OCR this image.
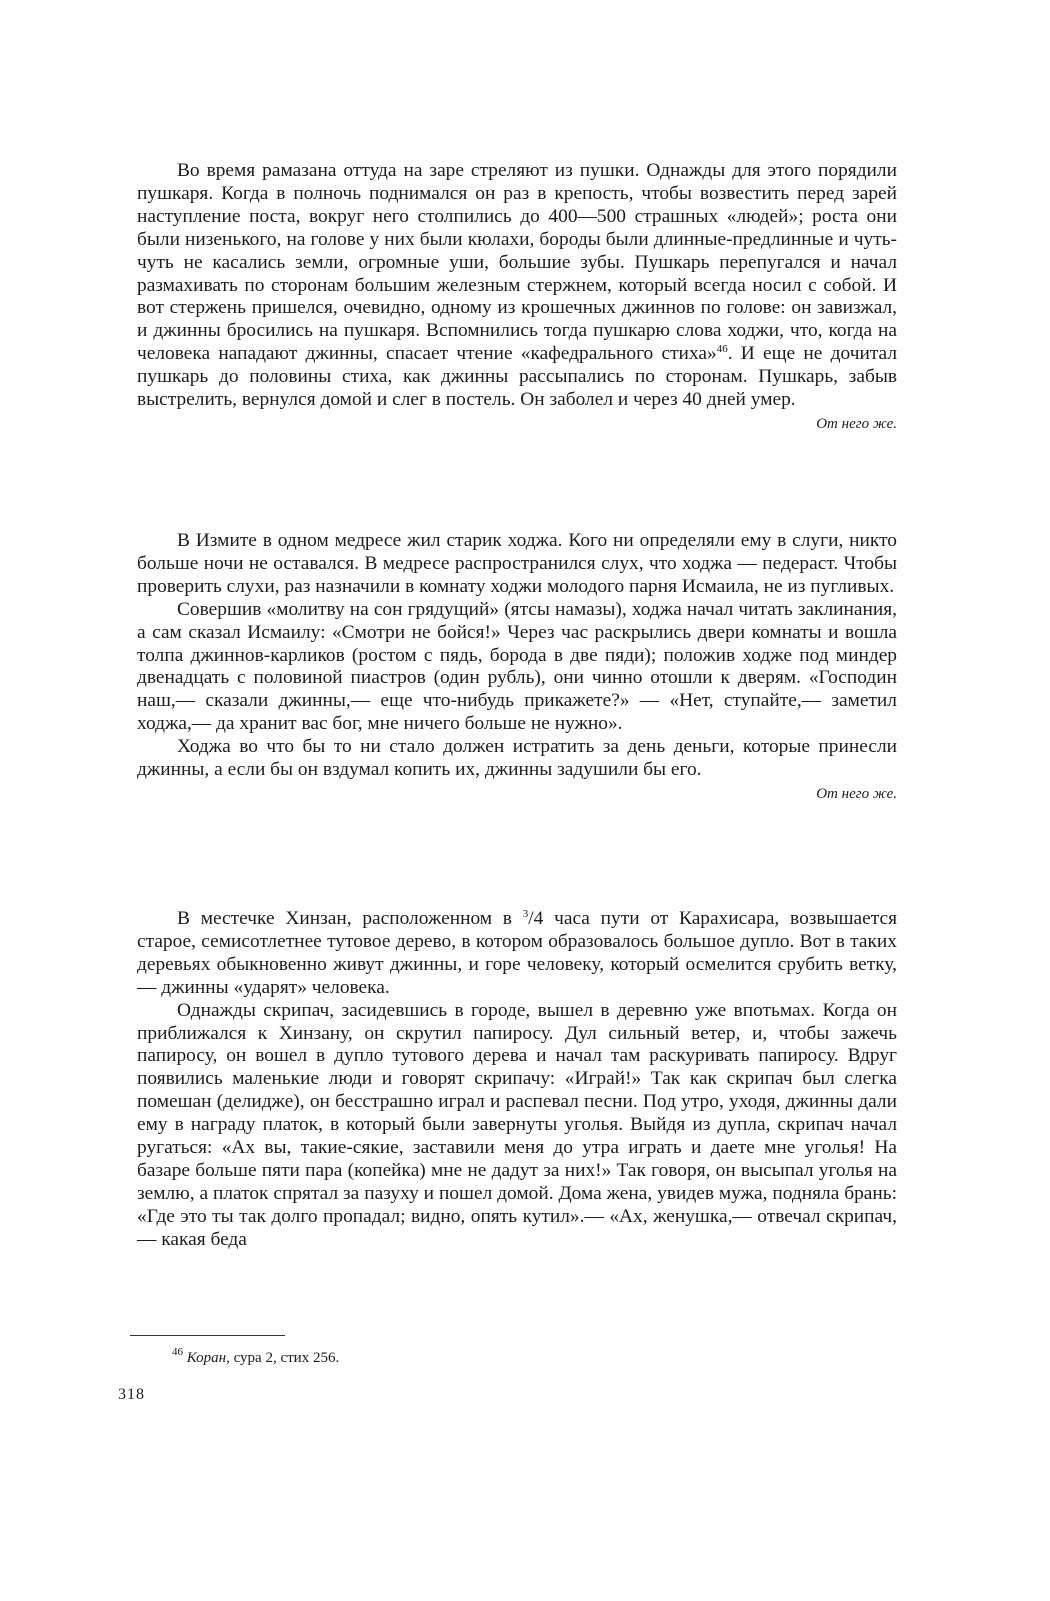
Во время рамазана оттуда на заре стреляют из пушки. Однажды для этого порядили пушкаря. Когда в полночь поднимался он раз в крепость, чтобы возвестить перед зарей наступление поста, вокруг него столпились до 400—500 страшных «людей»; роста они были низенького, на голове у них были кюлахи, бороды были длинные-предлинные и чуть-чуть не касались земли, огромные уши, большие зубы. Пушкарь перепугался и начал размахивать по сторонам большим железным стержнем, который всегда носил с собой. И вот стержень пришелся, очевидно, одному из крошечных джиннов по голове: он завизжал, и джинны бросились на пушкаря. Вспомнились тогда пушкарю слова ходжи, что, когда на человека нападают джинны, спасает чтение «кафедрального стиха»$^{46}$. И еще не дочитал пушкарь до половины стиха, как джинны рассыпались по сторонам. Пушкарь, забыв выстрелить, вернулся домой и слег в постель. Он заболел и через 40 дней умер.

От него же.

В Измите в одном медресе жил старик ходжа. Кого ни определяли ему в слуги, никто больше ночи не оставался. В медресе распространился слух, что ходжа — педераст. Чтобы проверить слухи, раз назначили в комнату ходжи молодого парня Исмаила, не из пугливых.

Совершив «молитву на сон грядущий» (ятсы намазы), ходжа начал читать заклинания, а сам сказал Исмаилу: «Смотри не бойся!» Через час раскрылись двери комнаты и вошла толпа джиннов-карликов (ростом с пядь, борода в две пяди); положив ходже под миндер двенадцать с половиной пиастров (один рубль), они чинно отошли к дверям. «Господин наш,— сказали джинны,— еще что-нибудь прикажете?» — «Нет, ступайте,— заметил ходжа,— да хранит вас бог, мне ничего больше не нужно».

Ходжа во что бы то ни стало должен истратить за день деньги, которые принесли джинны, а если бы он вздумал копить их, джинны задушили бы его.

От него же.

В местечке Хинзан, расположенном в $^3$/4 часа пути от Карахисара, возвышается старое, семисотлетнее тутовое дерево, в котором образовалось большое дупло. Вот в таких деревьях обыкновенно живут джинны, и горе человеку, который осмелится срубить ветку,— джинны «ударят» человека.

Однажды скрипач, засидевшись в городе, вышел в деревню уже впотьмах. Когда он приближался к Хинзану, он скрутил папиросу. Дул сильный ветер, и, чтобы зажечь папиросу, он вошел в дупло тутового дерева и начал там раскуривать папиросу. Вдруг появились маленькие люди и говорят скрипачу: «Играй!» Так как скрипач был слегка помешан (делидже), он бесстрашно играл и распевал песни. Под утро, уходя, джинны дали ему в награду платок, в который были завернуты уголья. Выйдя из дупла, скрипач начал ругаться: «Ах вы, такие-сякие, заставили меня до утра играть и даете мне уголья! На базаре больше пяти пара (копейка) мне не дадут за них!» Так говоря, он высыпал уголья на землю, а платок спрятал за пазуху и пошел домой. Дома жена, увидев мужа, подняла брань: «Где это ты так долго пропадал; видно, опять кутил».— «Ах, женушка,— отвечал скрипач,— какая беда

$^{46}$ Коран, сура 2, стих 256.
318
